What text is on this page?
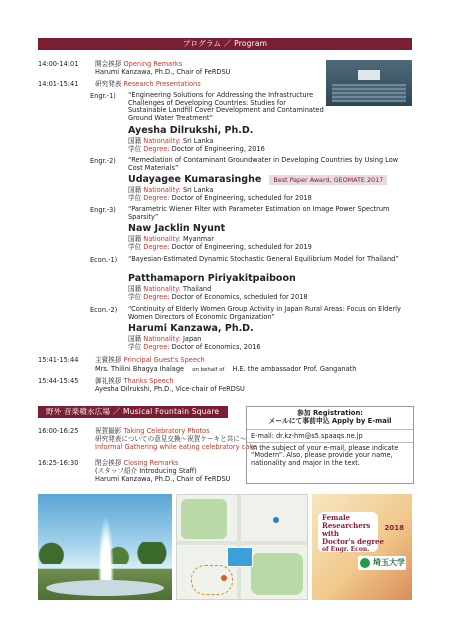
プログラム ／ Program
14:00-14:01	開会挨拶 Opening Remarks
Harumi Kanzawa, Ph.D., Chair of FeRDSU
14:01-15:41	研究発表 Research Presentations
Engr.-1) “Engineering Solutions for Addressing the Infrastructure Challenges of Developing Countries: Studies for Sustainable Landfill Cover Development and Contaminated Ground Water Treatment”
Ayesha Dilrukshi, Ph.D.
国籍 Nationality: Sri Lanka
学位 Degree: Doctor of Engineering, 2016
Engr.-2) “Remediation of Contaminant Groundwater in Developing Countries by Using Low Cost Materials”
Udayagee Kumarasinghe Best Paper Award, GEOMATE 2017
国籍 Nationality: Sri Lanka
学位 Degree: Doctor of Engineering, scheduled for 2018
Engr.-3) “Parametric Wiener Filter with Parameter Estimation on Image Power Spectrum Sparsity”
Naw Jacklin Nyunt
国籍 Nationality: Myanmar
学位 Degree: Doctor of Engineering, scheduled for 2019
Econ.-1) “Bayesian-Estimated Dynamic Stochastic General Equilibrium Model for Thailand”
Patthamaporn Piriyakitpaiboon
国籍 Nationality: Thailand
学位 Degree: Doctor of Economics, scheduled for 2018
Econ.-2) “Continuity of Elderly Women Group Activity in Japan Rural Areas: Focus on Elderly Women Directors of Economic Organization”
Harumi Kanzawa, Ph.D.
国籍 Nationality: Japan
学位 Degree: Doctor of Economics, 2016
15:41-15:44	主賓挨拶 Principal Guest's Speech
Mrs. Thilini Bhagya Ihalage on behalf of H.E. the ambassador Prof. Ganganath
15:44-15:45	御礼挨拶 Thanks Speech
Ayesha Dilrukshi, Ph.D., Vice-chair of FeRDSU
野外 音楽噴水広場 ／ Musical Fountain Square
16:00-16:25	祝賀撮影 Taking Celebratory Photos
研究発表についての意見交換〜祝賀ケーキと共に〜
Informal Gathering while eating celebratory cake
16:25-16:30	閉会挨拶 Closing Remarks
(スタッフ紹介 Introducing Staff)
Harumi Kanzawa, Ph.D., Chair of FeRDSU
参加 Registration:
メールにて事前申込 Apply by E-mail
E-mail: dr.kz-hm@s5.spaaqs.ne.jp
In the subject of your e-mail, please indicate “Modern”. Also, please provide your name, nationality and major in the text.
Female
Researchers
with
Doctor's degree
of Engr. Econ.
2018
埼玉大学
